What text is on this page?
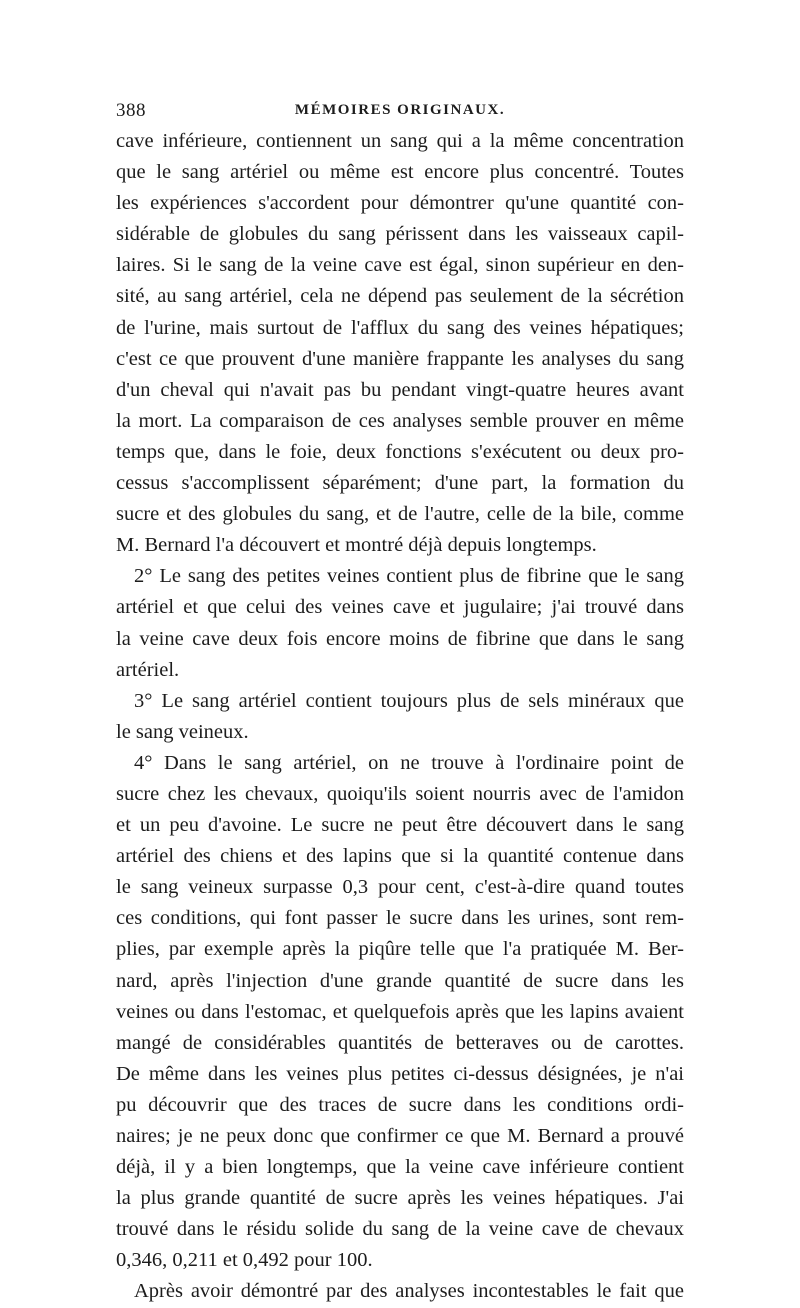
388	MÉMOIRES ORIGINAUX.
cave inférieure, contiennent un sang qui a la même concentration
que le sang artériel ou même est encore plus concentré. Toutes
les expériences s'accordent pour démontrer qu'une quantité con-
sidérable de globules du sang périssent dans les vaisseaux capil-
laires. Si le sang de la veine cave est égal, sinon supérieur en den-
sité, au sang artériel, cela ne dépend pas seulement de la sécrétion
de l'urine, mais surtout de l'afflux du sang des veines hépatiques;
c'est ce que prouvent d'une manière frappante les analyses du sang
d'un cheval qui n'avait pas bu pendant vingt-quatre heures avant
la mort. La comparaison de ces analyses semble prouver en même
temps que, dans le foie, deux fonctions s'exécutent ou deux pro-
cessus s'accomplissent séparément; d'une part, la formation du
sucre et des globules du sang, et de l'autre, celle de la bile, comme
M. Bernard l'a découvert et montré déjà depuis longtemps.
2° Le sang des petites veines contient plus de fibrine que le sang
artériel et que celui des veines cave et jugulaire; j'ai trouvé dans
la veine cave deux fois encore moins de fibrine que dans le sang
artériel.
3° Le sang artériel contient toujours plus de sels minéraux que
le sang veineux.
4° Dans le sang artériel, on ne trouve à l'ordinaire point de
sucre chez les chevaux, quoiqu'ils soient nourris avec de l'amidon
et un peu d'avoine. Le sucre ne peut être découvert dans le sang
artériel des chiens et des lapins que si la quantité contenue dans
le sang veineux surpasse 0,3 pour cent, c'est-à-dire quand toutes
ces conditions, qui font passer le sucre dans les urines, sont rem-
plies, par exemple après la piqûre telle que l'a pratiquée M. Ber-
nard, après l'injection d'une grande quantité de sucre dans les
veines ou dans l'estomac, et quelquefois après que les lapins avaient
mangé de considérables quantités de betteraves ou de carottes.
De même dans les veines plus petites ci-dessus désignées, je n'ai
pu découvrir que des traces de sucre dans les conditions ordi-
naires; je ne peux donc que confirmer ce que M. Bernard a prouvé
déjà, il y a bien longtemps, que la veine cave inférieure contient
la plus grande quantité de sucre après les veines hépatiques. J'ai
trouvé dans le résidu solide du sang de la veine cave de chevaux
0,346, 0,211 et 0,492 pour 100.
Après avoir démontré par des analyses incontestables le fait que
